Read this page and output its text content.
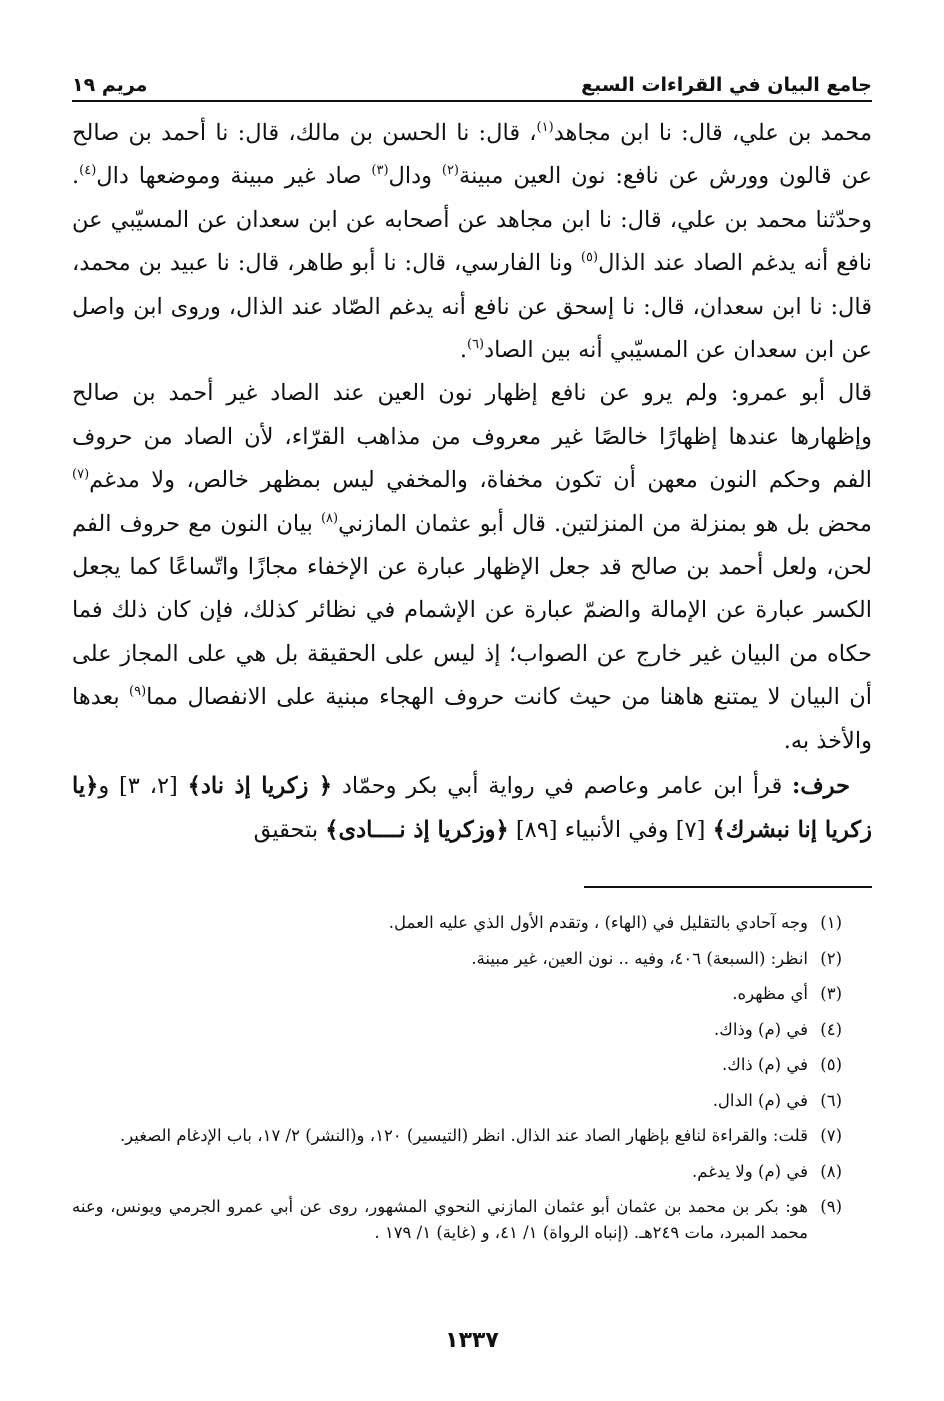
جامع البيان في القراءات السبع
مريم ١٩

محمد بن علي، قال: نا ابن مجاهد$^{(١)}$، قال: نا الحسن بن مالك، قال: نا أحمد بن صالح عن قالون وورش عن نافع: نون العين مبينة$^{(٢)}$ ودال$^{(٣)}$ صاد غير مبينة وموضعها دال$^{(٤)}$. وحدّثنا محمد بن علي، قال: نا ابن مجاهد عن أصحابه عن ابن سعدان عن المسيّبي عن نافع أنه يدغم الصاد عند الذال$^{(٥)}$ ونا الفارسي، قال: نا أبو طاهر، قال: نا عبيد بن محمد، قال: نا ابن سعدان، قال: نا إسحق عن نافع أنه يدغم الصّاد عند الذال، وروى ابن واصل عن ابن سعدان عن المسيّبي أنه بين الصاد$^{(٦)}$.

قال أبو عمرو: ولم يرو عن نافع إظهار نون العين عند الصاد غير أحمد بن صالح وإظهارها عندها إظهارًا خالصًا غير معروف من مذاهب القرّاء، لأن الصاد من حروف الفم وحكم النون معهن أن تكون مخفاة، والمخفي ليس بمظهر خالص، ولا مدغم$^{(٧)}$ محض بل هو بمنزلة من المنزلتين. قال أبو عثمان المازني$^{(٨)}$ بيان النون مع حروف الفم لحن، ولعل أحمد بن صالح قد جعل الإظهار عبارة عن الإخفاء مجازًا واتّساعًا كما يجعل الكسر عبارة عن الإمالة والضمّ عبارة عن الإشمام في نظائر كذلك، فإن كان ذلك فما حكاه من البيان غير خارج عن الصواب؛ إذ ليس على الحقيقة بل هي على المجاز على أن البيان لا يمتنع هاهنا من حيث كانت حروف الهجاء مبنية على الانفصال مما$^{(٩)}$ بعدها والأخذ به.

حرف: قرأ ابن عامر وعاصم في رواية أبي بكر وحمّاد ﴿ زكريا إذ ناد﴾ [٢، ٣] و﴿يا زكريا إنا نبشرك﴾ [٧] وفي الأنبياء [٨٩] ﴿وزكريا إذ نــــادى﴾ بتحقيق

(١)
وجه آحادي بالتقليل في (الهاء) ، وتقدم الأول الذي عليه العمل.
(٢)
انظر: (السبعة) ٤٠٦، وفيه .. نون العين، غير مبينة.
(٣)
أي مظهره.
(٤)
في (م) وذاك.
(٥)
في (م) ذاك.
(٦)
في (م) الدال.
(٧)
قلت: والقراءة لنافع بإظهار الصاد عند الذال. انظر (التيسير) ١٢٠، و(النشر) ٢/ ١٧، باب الإدغام الصغير.
(٨)
في (م) ولا يدغم.
(٩)
هو: بكر بن محمد بن عثمان أبو عثمان المازني النحوي المشهور، روى عن أبي عمرو الجرمي ويونس، وعنه محمد المبرد، مات ٢٤٩هـ. (إنباه الرواة) ١/ ٤١، و (غاية) ١/ ١٧٩ .
١٣٣٧
